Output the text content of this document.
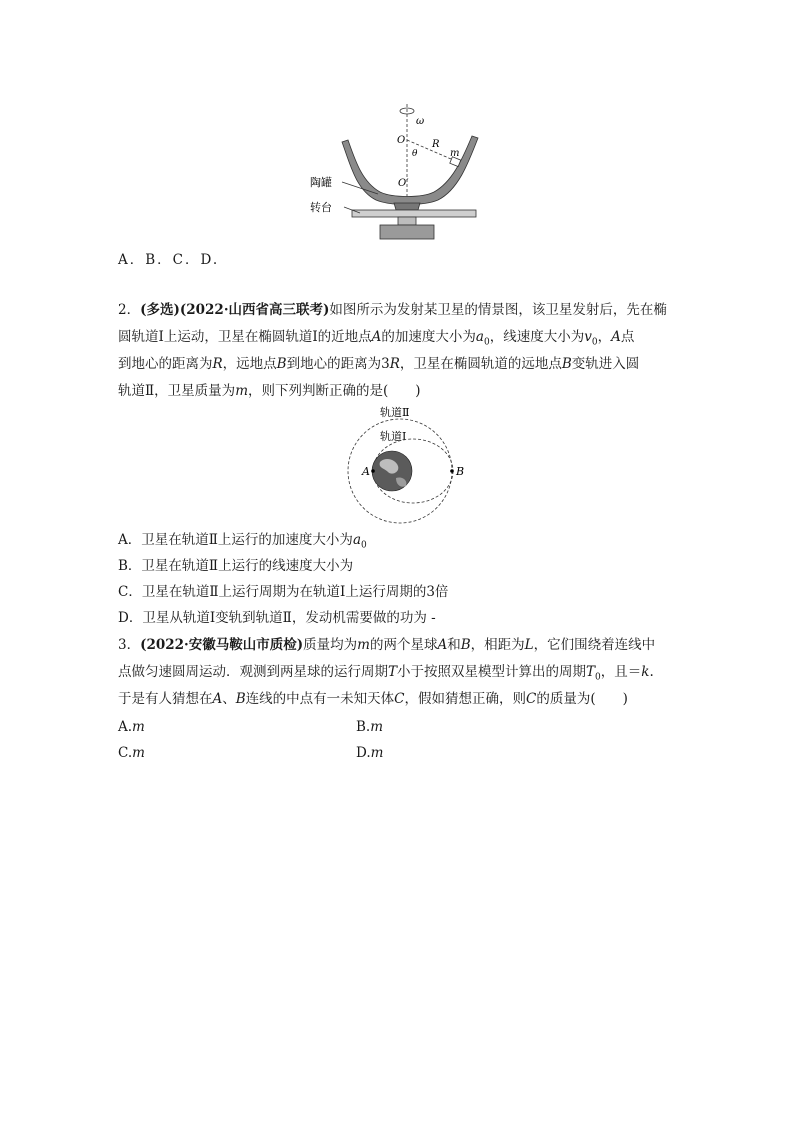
ω
O	R
θ	m
O′
陶罐
转台
A．B．C．D.
2．(多选)(2022·山西省高三联考)如图所示为发射某卫星的情景图，该卫星发射后，先在椭
圆轨道Ⅰ上运动，卫星在椭圆轨道Ⅰ的近地点A的加速度大小为$a_0$，线速度大小为$v_0$，A点
到地心的距离为R，远地点B到地心的距离为3R，卫星在椭圆轨道的远地点B变轨进入圆
轨道Ⅱ，卫星质量为m，则下列判断正确的是(　　)
轨道Ⅱ
轨道Ⅰ
A	B
A．卫星在轨道Ⅱ上运行的加速度大小为$a_0$
B．卫星在轨道Ⅱ上运行的线速度大小为
C．卫星在轨道Ⅱ上运行周期为在轨道Ⅰ上运行周期的3倍
D．卫星从轨道Ⅰ变轨到轨道Ⅱ，发动机需要做的功为 -
3．(2022·安徽马鞍山市质检)质量均为m的两个星球A和B，相距为L，它们围绕着连线中
点做匀速圆周运动．观测到两星球的运行周期T小于按照双星模型计算出的周期$T_0$，且＝k.
于是有人猜想在A、B连线的中点有一未知天体C，假如猜想正确，则C的质量为(　　)
A.m	B.m
C.m	D.m
